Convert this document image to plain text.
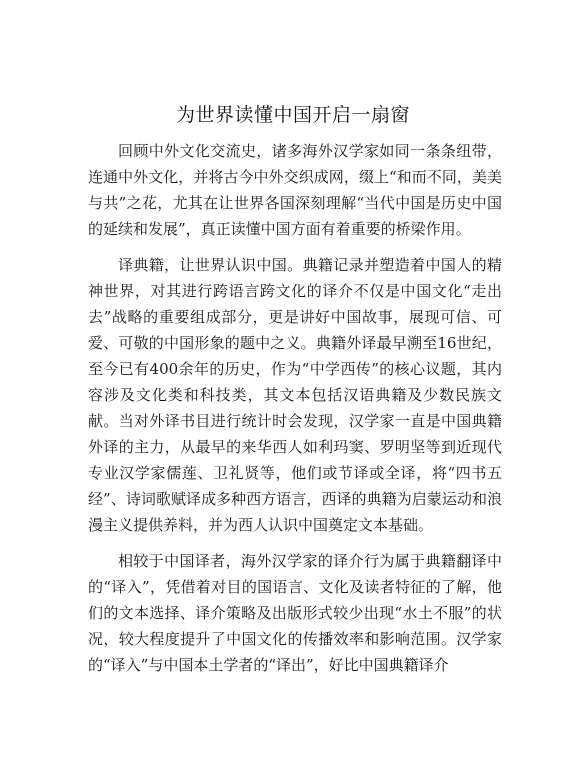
为世界读懂中国开启一扇窗

回顾中外文化交流史，诸多海外汉学家如同一条条纽带，连通中外文化，并将古今中外交织成网，缀上“和而不同，美美与共”之花，尤其在让世界各国深刻理解“当代中国是历史中国的延续和发展”，真正读懂中国方面有着重要的桥梁作用。

译典籍，让世界认识中国。典籍记录并塑造着中国人的精神世界，对其进行跨语言跨文化的译介不仅是中国文化“走出去”战略的重要组成部分，更是讲好中国故事，展现可信、可爱、可敬的中国形象的题中之义。典籍外译最早溯至16世纪，至今已有400余年的历史，作为“中学西传”的核心议题，其内容涉及文化类和科技类，其文本包括汉语典籍及少数民族文献。当对外译书目进行统计时会发现，汉学家一直是中国典籍外译的主力，从最早的来华西人如利玛窦、罗明坚等到近现代专业汉学家儒莲、卫礼贤等，他们或节译或全译，将“四书五经”、诗词歌赋译成多种西方语言，西译的典籍为启蒙运动和浪漫主义提供养料，并为西人认识中国奠定文本基础。

相较于中国译者，海外汉学家的译介行为属于典籍翻译中的“译入”，凭借着对目的国语言、文化及读者特征的了解，他们的文本选择、译介策略及出版形式较少出现“水土不服”的状况，较大程度提升了中国文化的传播效率和影响范围。汉学家的“译入”与中国本土学者的“译出”，好比中国典籍译介
